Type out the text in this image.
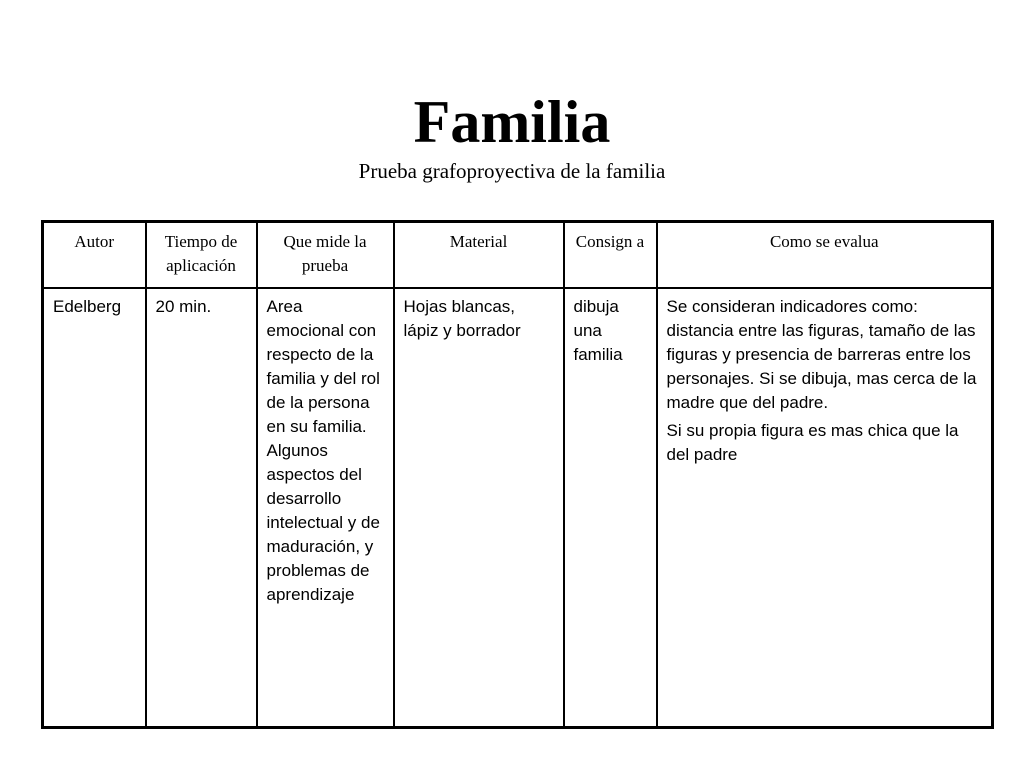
Familia
Prueba grafoproyectiva de la familia
Autor	Tiempo de aplicación	Que mide la prueba	Material	Consign a	Como se evalua
Edelberg	20 min.	Area emocional con respecto de la familia y del rol de la persona en su familia. Algunos aspectos del desarrollo intelectual y de maduración, y problemas de aprendizaje	Hojas blancas, lápiz y borrador	dibuja una familia	Se consideran indicadores como: distancia entre las figuras, tamaño de las figuras y presencia de barreras entre los personajes. Si se dibuja, mas cerca de la madre que del padre.

Si su propia figura es mas chica que la del padre
